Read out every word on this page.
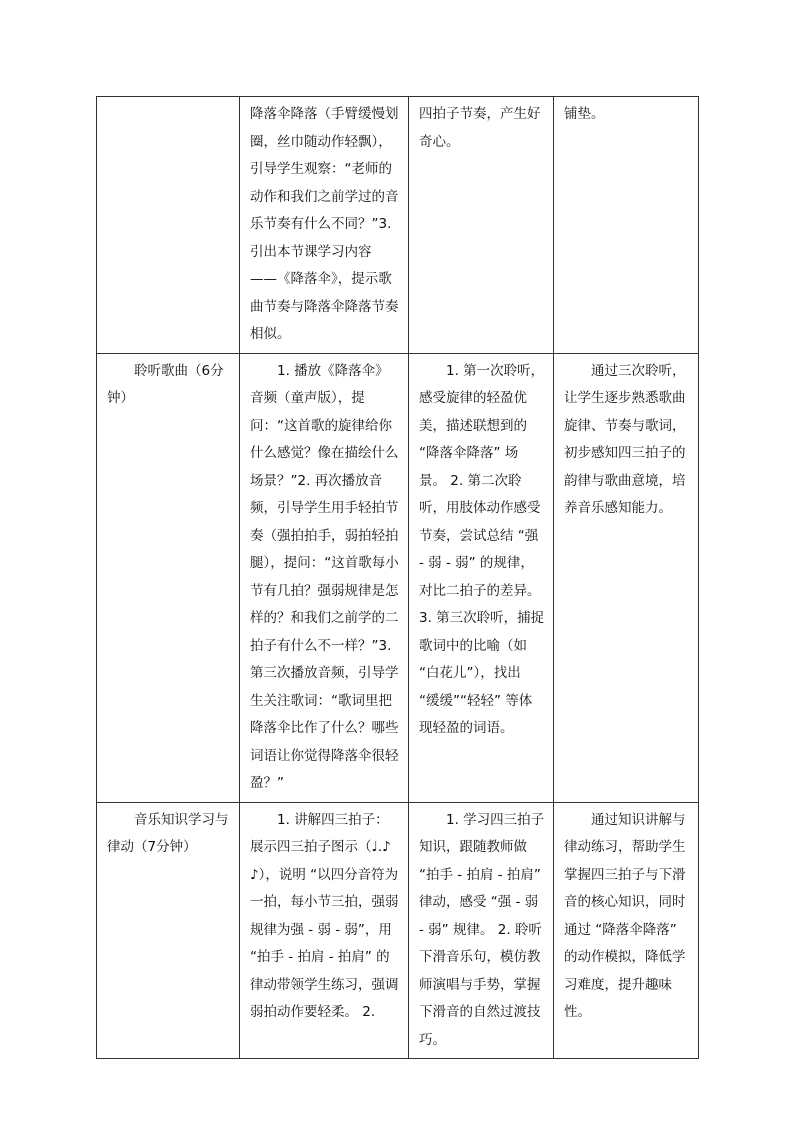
	降落伞降落（手臂缓慢划圈，丝巾随动作轻飘），引导学生观察：“老师的动作和我们之前学过的音乐节奏有什么不同？”3. 引出本节课学习内容 ——《降落伞》，提示歌曲节奏与降落伞降落节奏相似。	四拍子节奏，产生好奇心。	铺垫。
聆听歌曲（6分钟）	1. 播放《降落伞》音频（童声版），提问：“这首歌的旋律给你什么感觉？像在描绘什么场景？”2. 再次播放音频，引导学生用手轻拍节奏（强拍拍手，弱拍轻拍腿），提问：“这首歌每小节有几拍？强弱规律是怎样的？和我们之前学的二拍子有什么不一样？”3. 第三次播放音频，引导学生关注歌词：“歌词里把降落伞比作了什么？哪些词语让你觉得降落伞很轻盈？”	1. 第一次聆听，感受旋律的轻盈优美，描述联想到的 “降落伞降落” 场景。 2. 第二次聆听，用肢体动作感受节奏，尝试总结 “强 - 弱 - 弱” 的规律，对比二拍子的差异。3. 第三次聆听，捕捉歌词中的比喻（如 “白花儿”），找出 “缓缓”“轻轻” 等体现轻盈的词语。	通过三次聆听，让学生逐步熟悉歌曲旋律、节奏与歌词，初步感知四三拍子的韵律与歌曲意境，培养音乐感知能力。
音乐知识学习与律动（7分钟）	1. 讲解四三拍子：展示四三拍子图示（♩.♪♪），说明 “以四分音符为一拍，每小节三拍，强弱规律为强 - 弱 - 弱”，用 “拍手 - 拍肩 - 拍肩” 的律动带领学生练习，强调弱拍动作要轻柔。 2.	1. 学习四三拍子知识，跟随教师做 “拍手 - 拍肩 - 拍肩” 律动，感受 “强 - 弱 - 弱” 规律。 2. 聆听下滑音乐句，模仿教师演唱与手势，掌握下滑音的自然过渡技巧。	通过知识讲解与律动练习，帮助学生掌握四三拍子与下滑音的核心知识，同时通过 “降落伞降落” 的动作模拟，降低学习难度，提升趣味性。
